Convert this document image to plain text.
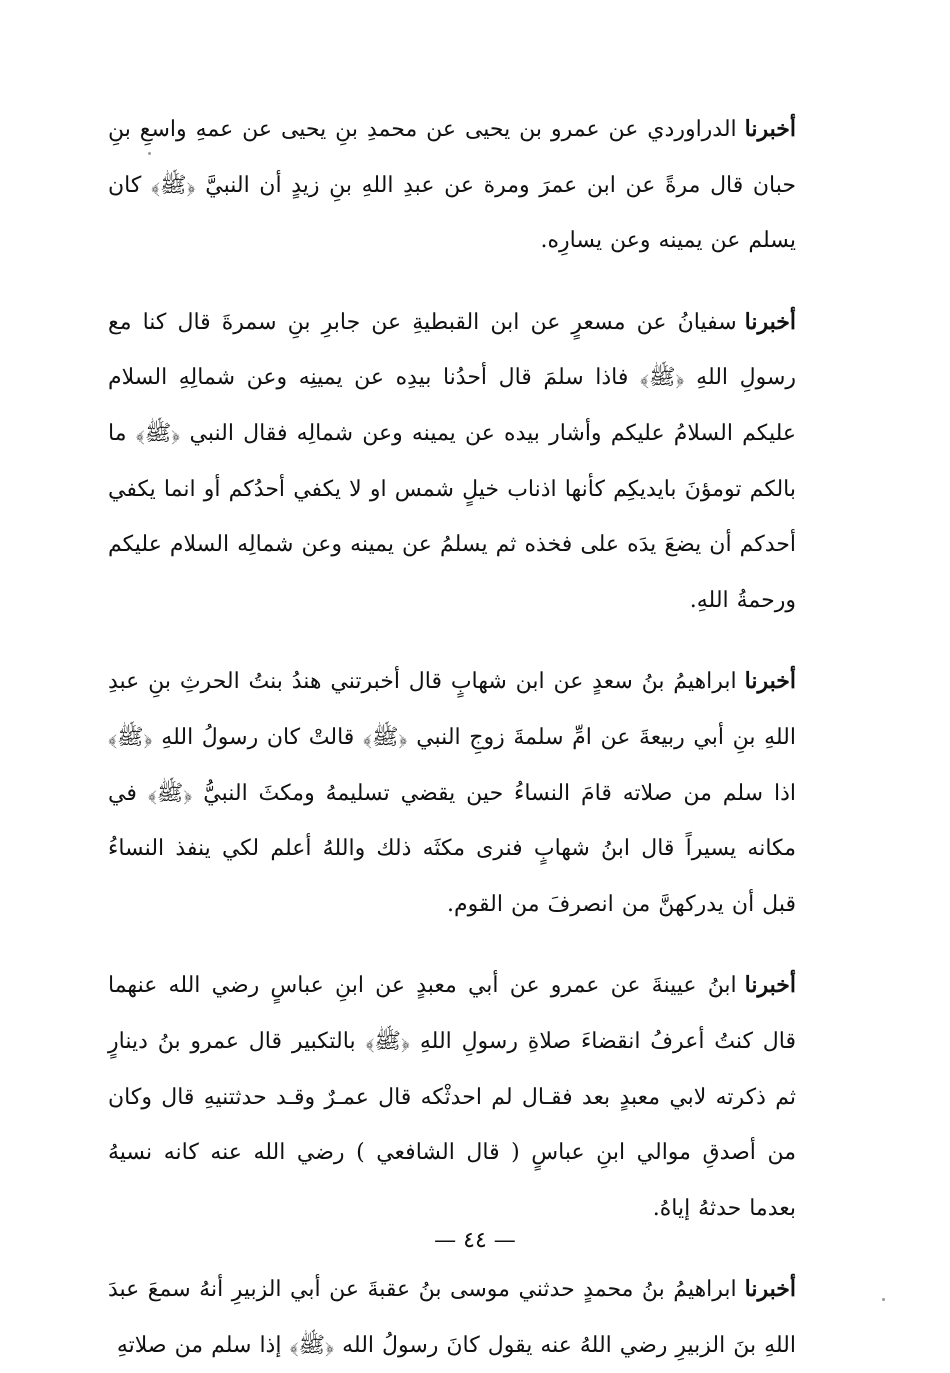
أخبرناالدراوردي عن عمرو بن يحيى عن محمدِ بنِ يحيى عن عمهِ واسعِ بنِ حبان قال مرةً عن ابن عمرَ ومرة عن عبدِ اللهِ بنِ زيدٍ أن النبيَّ ﴿ﷺ﴾ كان يسلم عن يمينه وعن يسارِه.

أخبرناسفيانُ عن مسعرٍ عن ابن القبطيةِ عن جابرِ بنِ سمرةَ قال كنا مع رسولِ اللهِ ﴿ﷺ﴾ فاذا سلمَ قال أحدُنا بيدِه عن يمينِه وعن شمالِهِ السلام عليكم السلامُ عليكم وأشار بيده عن يمينه وعن شمالِه فقال النبي ﴿ﷺ﴾ ما بالكم تومؤنَ بايديكِم كأنها اذناب خيلٍ شمس او لا يكفي أحدُكم أو انما يكفي أحدكم أن يضعَ يدَه على فخذه ثم يسلمُ عن يمينه وعن شمالِه السلام عليكم ورحمةُ اللهِ.

أخبرناابراهيمُ بنُ سعدٍ عن ابن شهابٍ قال أخبرتني هندُ بنتُ الحرثِ بنِ عبدِ اللهِ بنِ أبي ربيعةَ عن امِّ سلمةَ زوجِ النبي ﴿ﷺ﴾ قالتْ كان رسولُ اللهِ ﴿ﷺ﴾ اذا سلم من صلاته قامَ النساءُ حين يقضي تسليمهُ ومكثَ النبيُّ ﴿ﷺ﴾ في مكانه يسيراً قال ابنُ شهابٍ فنرى مكثَه ذلك واللهُ أعلم لكي ينفذ النساءُ قبل أن يدركهنَّ من انصرفَ من القوم.

أخبرناابنُ عيينةَ عن عمرو عن أبي معبدٍ عن ابنِ عباسٍ رضي الله عنهما قال كنتُ أعرفُ انقضاءَ صلاةِ رسولِ اللهِ ﴿ﷺ﴾ بالتكبير قال عمرو بنُ دينارٍ ثم ذكرته لابي معبدٍ بعد فقـال لم احدثْكه قال عمـرٌ وقـد حدثتنيهِ قال وكان من أصدقِ موالي ابنِ عباسٍ ( قال الشافعي ) رضي الله عنه كانه نسيهُ بعدما حدثهُ إياهُ.

أخبرناابراهيمُ بنُ محمدٍ حدثني موسى بنُ عقبةَ عن أبي الزبيرِ أنهُ سمعَ عبدَ اللهِ بنَ الزبيرِ رضي اللهُ عنه يقول كانَ رسولُ الله ﴿ﷺ﴾ إذا سلم من صلاتهِ

— ٤٤ —
